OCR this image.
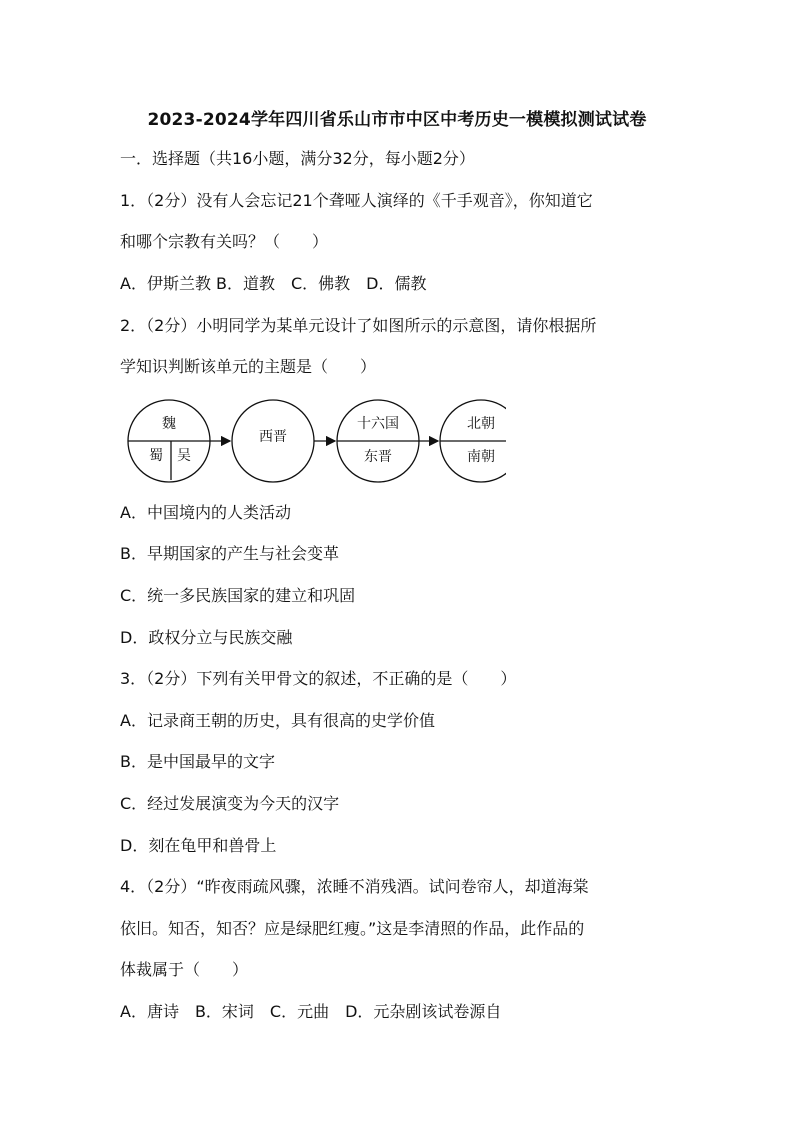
2023-2024学年四川省乐山市市中区中考历史一模模拟测试试卷
一．选择题（共16小题，满分32分，每小题2分）
1．（2分）没有人会忘记21个聋哑人演绎的《千手观音》，你知道它
和哪个宗教有关吗？（　　）
A．伊斯兰教 B．道教　C．佛教　D．儒教
2．（2分）小明同学为某单元设计了如图所示的示意图，请你根据所
学知识判断该单元的主题是（　　）
魏
蜀 吴
西晋
十六国
东晋
北朝
南朝
A．中国境内的人类活动
B．早期国家的产生与社会变革
C．统一多民族国家的建立和巩固
D．政权分立与民族交融
3．（2分）下列有关甲骨文的叙述，不正确的是（　　）
A．记录商王朝的历史，具有很高的史学价值
B．是中国最早的文字
C．经过发展演变为今天的汉字
D．刻在龟甲和兽骨上
4．（2分）“昨夜雨疏风骤，浓睡不消残酒。试问卷帘人，却道海棠
依旧。知否，知否？应是绿肥红瘦。”这是李清照的作品，此作品的
体裁属于（　　）
A．唐诗　B．宋词　C．元曲　D．元杂剧该试卷源自
